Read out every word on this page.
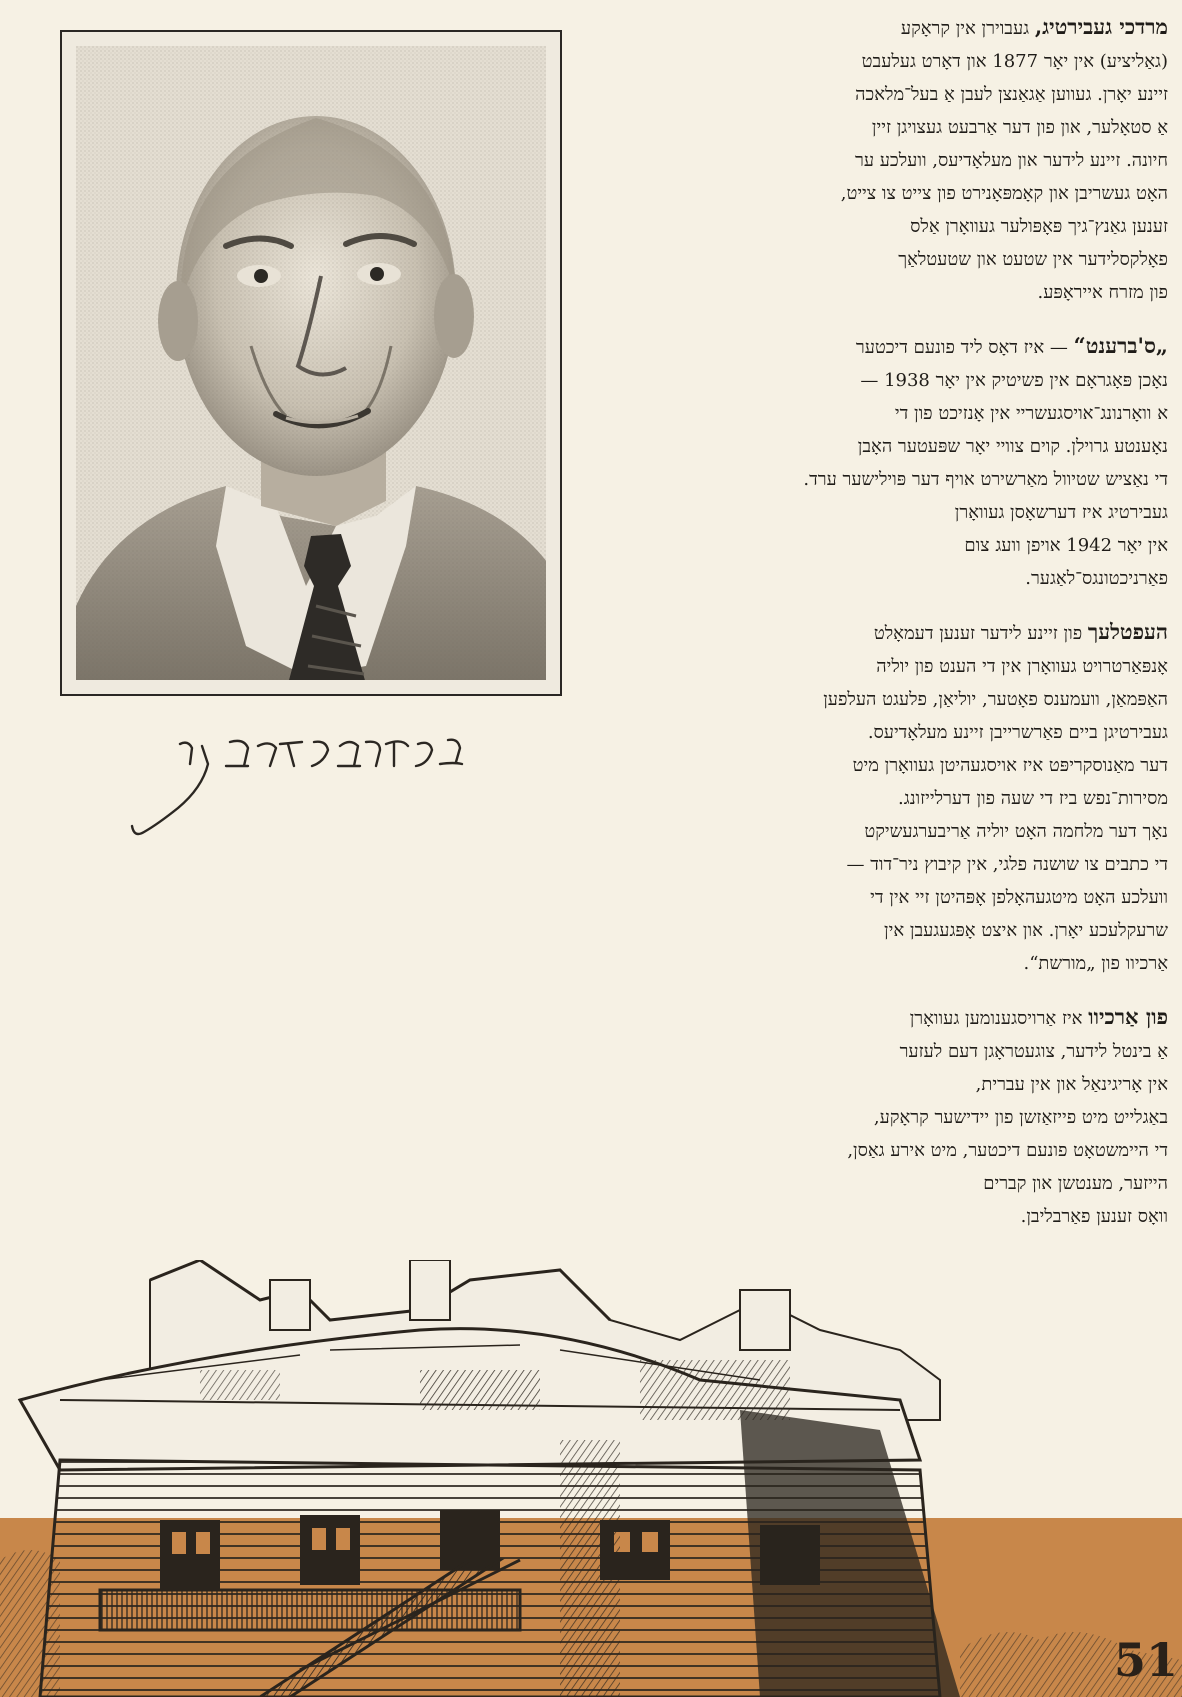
מרדכי געבירטיג, געבוירן אין קראָקע
(גאַליציע) אין יאָר 1877 און דאָרט געלעבט
זיינע יאָרן. געווען אַגאַנצן לעבן אַ בעל־מלאכה
אַ סטאָלער, און פון דער אַרבעט געצויגן זיין
חיונה. זיינע לידער און מעלאָדיעס, וועלכע ער
האָט געשריבן און קאָמפּאָנירט פון צייט צו צייט,
זענען גאַנץ־גיך פּאָפּולער געוואָרן אַלס
פאָלקסלידער אין שטעט און שטעטלאַך
פון מזרח אייראָפּע.

„ס'ברענט“ — איז דאָס ליד פונעם דיכטער
נאָכן פּאָגראָם אין פשיטיק אין יאָר 1938 —
א וואָרנונג־אויסגעשריי אין אָנזיכט פון די
נאָענטע גרוילן. קוים צוויי יאָר שפּעטער האָבן
די נאַציש שטיוול מאַרשירט אויף דער פּוילישער ערד.
געבירטיג איז דערשאָסן געוואָרן
אין יאָר 1942 אויפן וועג צום
פאַרניכטונגס־לאַגער.

העפטלעך פון זיינע לידער זענען דעמאָלט
אָנפּאַרטרויט געוואָרן אין די הענט פון יוליה
האַפּמאַן, וועמענס פאָטער, יוליאַן, פלעגט העלפען
געבירטיגן ביים פאַרשרייבן זיינע מעלאָדיעס.
דער מאַנוסקריפּט איז אויסגעהיטן געוואָרן מיט
מסירות־נפש ביז די שעה פון דערלייזונג.
נאָך דער מלחמה האָט יוליה אַריבערגעשיקט
די כתבים צו שושנה פלגי, אין קיבוץ ניר־דוד —
וועלכע האָט מיטגעהאָלפן אָפּהיטן זיי אין די
שרעקלעכע יאָרן. און איצט אָפּגעגעבן אין
אַרכיוו פון „מורשת“.

פון אַרכיוו איז אַרויסגענומען געוואָרן
אַ בינטל לידער, צוגעטראָגן דעם לעזער
אין אָריגינאַל און אין עברית,
באַגלייט מיט פייזאַזשן פון יידישער קראָקע,
די היימשטאָט פונעם דיכטער, מיט אירע גאַסן,
הייזער, מענטשן און קברים
וואָס זענען פאַרבליבן.

51
